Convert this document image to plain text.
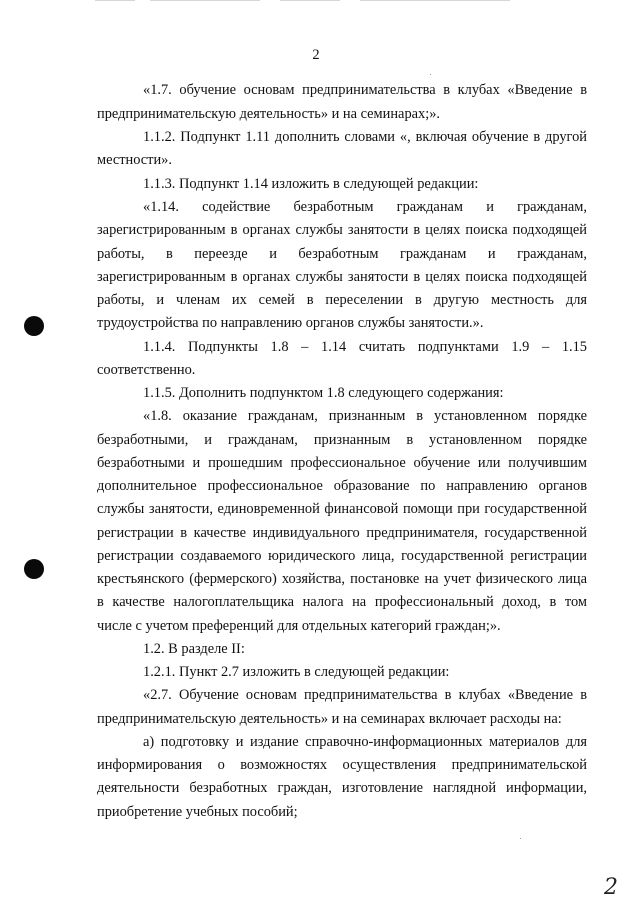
2
«1.7. обучение основам предпринимательства в клубах «Введение в
предпринимательскую деятельность» и на семинарах;».
1.1.2. Подпункт 1.11 дополнить словами «, включая обучение в другой
местности».
1.1.3. Подпункт 1.14 изложить в следующей редакции:
«1.14. содействие безработным гражданам и гражданам,
зарегистрированным в органах службы занятости в целях поиска подходящей
работы, в переезде и безработным гражданам и гражданам,
зарегистрированным в органах службы занятости в целях поиска подходящей
работы, и членам их семей в переселении в другую местность для
трудоустройства по направлению органов службы занятости.».
1.1.4. Подпункты 1.8 – 1.14 считать подпунктами 1.9 – 1.15
соответственно.
1.1.5. Дополнить подпунктом 1.8 следующего содержания:
«1.8. оказание гражданам, признанным в установленном порядке
безработными, и гражданам, признанным в установленном порядке
безработными и прошедшим профессиональное обучение или получившим
дополнительное профессиональное образование по направлению органов
службы занятости, единовременной финансовой помощи при государственной
регистрации в качестве индивидуального предпринимателя, государственной
регистрации создаваемого юридического лица, государственной регистрации
крестьянского (фермерского) хозяйства, постановке на учет физического лица
в качестве налогоплательщика налога на профессиональный доход, в том
числе с учетом преференций для отдельных категорий граждан;».
1.2. В разделе II:
1.2.1. Пункт 2.7 изложить в следующей редакции:
«2.7. Обучение основам предпринимательства в клубах «Введение в
предпринимательскую деятельность» и на семинарах включает расходы на:
а) подготовку и издание справочно-информационных материалов для
информирования о возможностях осуществления предпринимательской
деятельности безработных граждан, изготовление наглядной информации,
приобретение учебных пособий;
2
